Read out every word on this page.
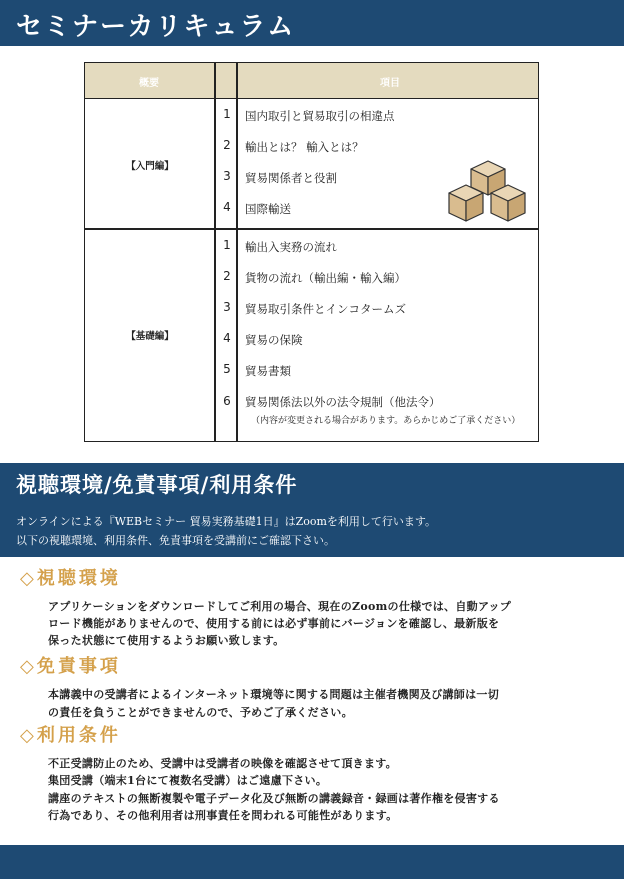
セミナーカリキュラム
概要	項目
【入門編】
1	国内取引と貿易取引の相違点
2	輸出とは？ 輸入とは？
3	貿易関係者と役割
4	国際輸送
【基礎編】
1	輸出入実務の流れ
2	貨物の流れ（輸出編・輸入編）
3	貿易取引条件とインコタームズ
4	貿易の保険
5	貿易書類
6	貿易関係法以外の法令規制（他法令）
（内容が変更される場合があります。あらかじめご了承ください）
視聴環境/免責事項/利用条件
オンラインによる『WEBセミナー 貿易実務基礎1日』はZoomを利用して行います。
以下の視聴環境、利用条件、免責事項を受講前にご確認下さい。
◇視聴環境
アプリケーションをダウンロードしてご利用の場合、現在のZoomの仕様では、自動アップ
ロード機能がありませんので、使用する前には必ず事前にバージョンを確認し、最新版を
保った状態にて使用するようお願い致します。
◇免責事項
本講義中の受講者によるインターネット環境等に関する問題は主催者機関及び講師は一切
の責任を負うことができませんので、予めご了承ください。
◇利用条件
不正受講防止のため、受講中は受講者の映像を確認させて頂きます。
集団受講（端末1台にて複数名受講）はご遠慮下さい。
講座のテキストの無断複製や電子データ化及び無断の講義録音・録画は著作権を侵害する
行為であり、その他利用者は刑事責任を問われる可能性があります。
